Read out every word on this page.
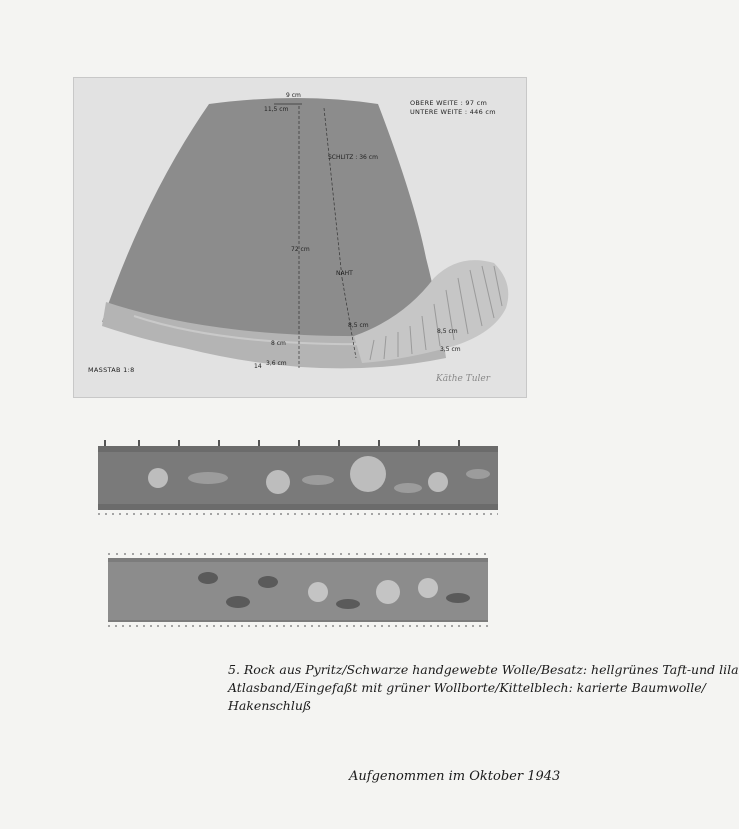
OBERE WEITE : 97 cm
UNTERE WEITE : 446 cm
9 cm
11,5 cm
SCHLITZ : 36 cm
72 cm
NAHT
8 cm
3,6 cm
14
8,5 cm
8,5 cm
3,5 cm
MASSTAB 1:8
Käthe Tuler
5. Rock aus Pyritz/Schwarze handgewebte Wolle/Besatz: hellgrünes Taft-und lila
Atlasband/Eingefaßt mit grüner Wollborte/Kittelblech: karierte Baumwolle/
Hakenschluß
Aufgenommen im Oktober 1943
